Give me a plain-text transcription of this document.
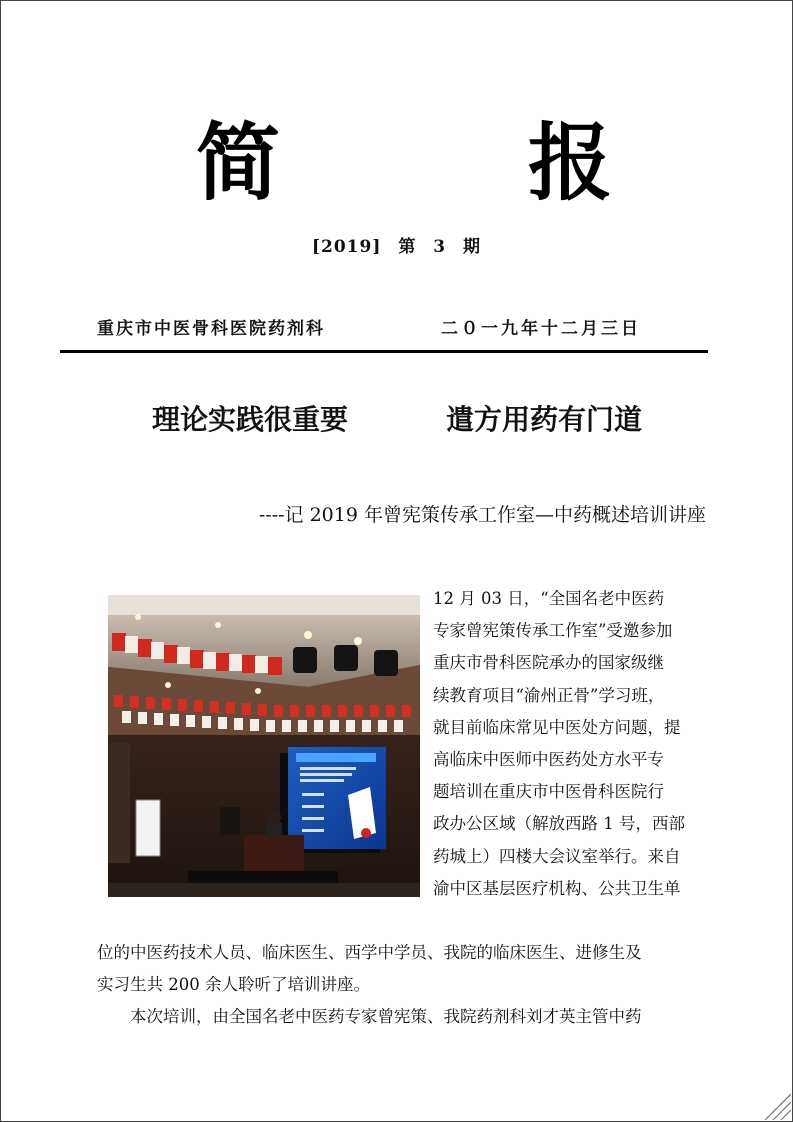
简	报
[2019] 第 3 期
重庆市中医骨科医院药剂科	二０一九年十二月三日
理论实践很重要	遣方用药有门道
----记 2019 年曾宪策传承工作室—中药概述培训讲座
12 月 03 日，“全国名老中医药
专家曾宪策传承工作室”受邀参加
重庆市骨科医院承办的国家级继
续教育项目“渝州正骨”学习班，
就目前临床常见中医处方问题，提
高临床中医师中医药处方水平专
题培训在重庆市中医骨科医院行
政办公区域（解放西路 1 号，西部
药城上）四楼大会议室举行。来自
渝中区基层医疗机构、公共卫生单
位的中医药技术人员、临床医生、西学中学员、我院的临床医生、进修生及
实习生共 200 余人聆听了培训讲座。
本次培训，由全国名老中医药专家曾宪策、我院药剂科刘才英主管中药
